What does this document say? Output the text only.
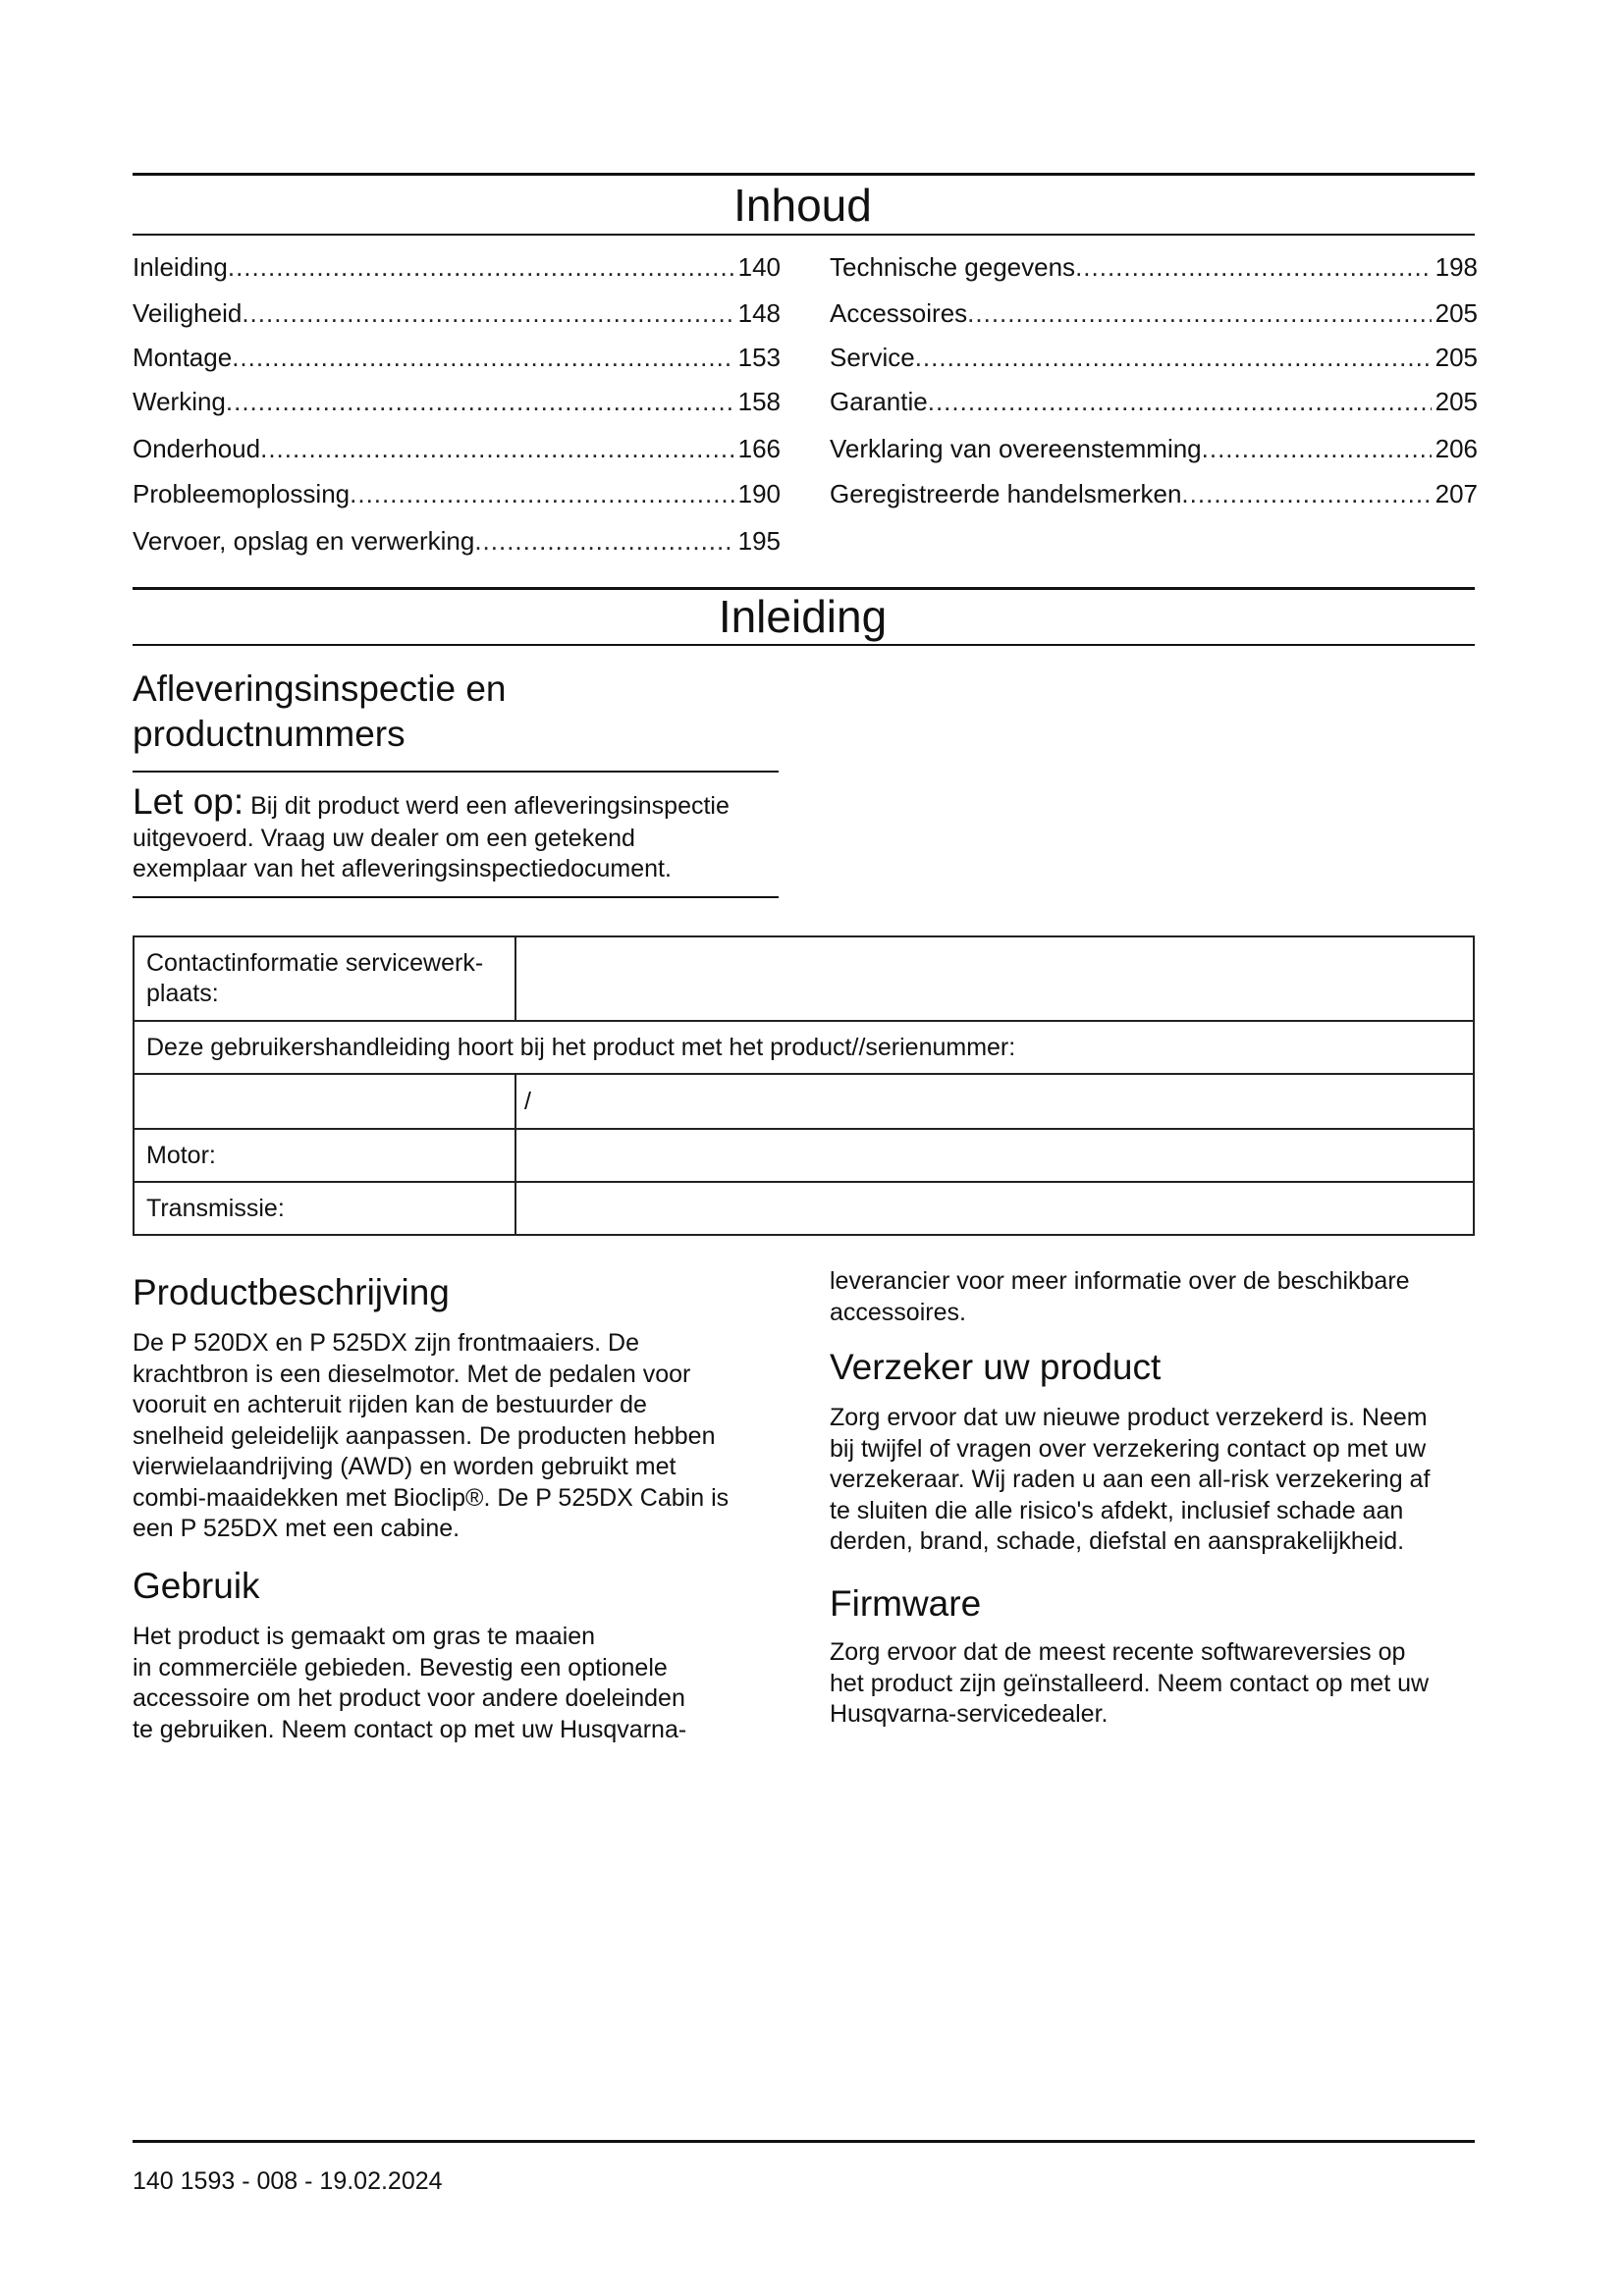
Inhoud
Inleiding .....	140
Veiligheid .....	148
Montage .....	153
Werking .....	158
Onderhoud .....	166
Probleemoplossing .....	190
Vervoer, opslag en verwerking .....	195
Technische gegevens .....	198
Accessoires .....	205
Service .....	205
Garantie .....	205
Verklaring van overeenstemming .....	206
Geregistreerde handelsmerken .....	207
Inleiding
Afleveringsinspectie en
productnummers
Let op: Bij dit product werd een afleveringsinspectie
uitgevoerd. Vraag uw dealer om een getekend
exemplaar van het afleveringsinspectiedocument.
Contactinformatie servicewerk-
plaats:	

Deze gebruikershandleiding hoort bij het product met het product//serienummer:	

	/

Motor:	
Transmissie:	
Productbeschrijving
De P 520DX en P 525DX zijn frontmaaiers. De
krachtbron is een dieselmotor. Met de pedalen voor
vooruit en achteruit rijden kan de bestuurder de
snelheid geleidelijk aanpassen. De producten hebben
vierwielaandrijving (AWD) en worden gebruikt met
combi-maaidekken met Bioclip®. De P 525DX Cabin is
een P 525DX met een cabine.
Gebruik
Het product is gemaakt om gras te maaien
in commerciële gebieden. Bevestig een optionele
accessoire om het product voor andere doeleinden
te gebruiken. Neem contact op met uw Husqvarna-
leverancier voor meer informatie over de beschikbare
accessoires.
Verzeker uw product
Zorg ervoor dat uw nieuwe product verzekerd is. Neem
bij twijfel of vragen over verzekering contact op met uw
verzekeraar. Wij raden u aan een all-risk verzekering af
te sluiten die alle risico's afdekt, inclusief schade aan
derden, brand, schade, diefstal en aansprakelijkheid.
Firmware
Zorg ervoor dat de meest recente softwareversies op
het product zijn geïnstalleerd. Neem contact op met uw
Husqvarna-servicedealer.
140 1593 - 008 - 19.02.2024
